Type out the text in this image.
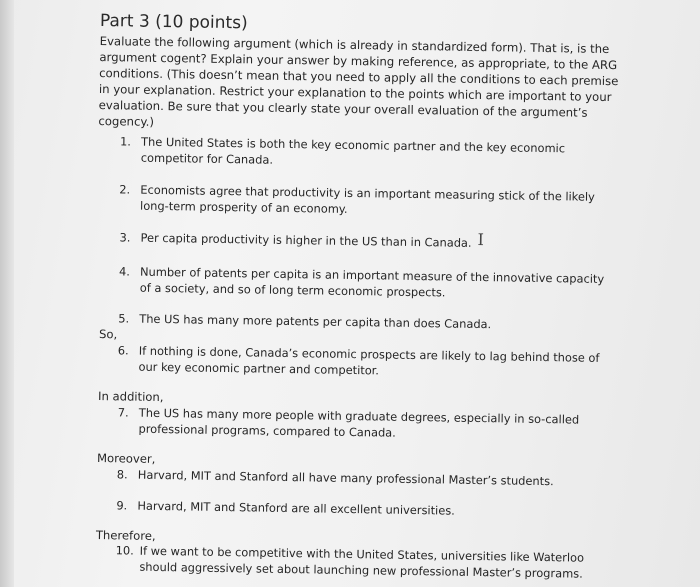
Part 3 (10 points)
Evaluate the following argument (which is already in standardized form). That is, is the argument cogent? Explain your answer by making reference, as appropriate, to the ARG conditions. (This doesn’t mean that you need to apply all the conditions to each premise in your explanation. Restrict your explanation to the points which are important to your evaluation. Be sure that you clearly state your overall evaluation of the argument’s cogency.)
1. The United States is both the key economic partner and the key economic competitor for Canada.
2. Economists agree that productivity is an important measuring stick of the likely long-term prosperity of an economy.
3. Per capita productivity is higher in the US than in Canada.
4. Number of patents per capita is an important measure of the innovative capacity of a society, and so of long term economic prospects.
5. The US has many more patents per capita than does Canada.
So,
6. If nothing is done, Canada’s economic prospects are likely to lag behind those of our key economic partner and competitor.
In addition,
7. The US has many more people with graduate degrees, especially in so-called professional programs, compared to Canada.
Moreover,
8. Harvard, MIT and Stanford all have many professional Master’s students.
9. Harvard, MIT and Stanford are all excellent universities.
Therefore,
10. If we want to be competitive with the United States, universities like Waterloo should aggressively set about launching new professional Master’s programs.
I
